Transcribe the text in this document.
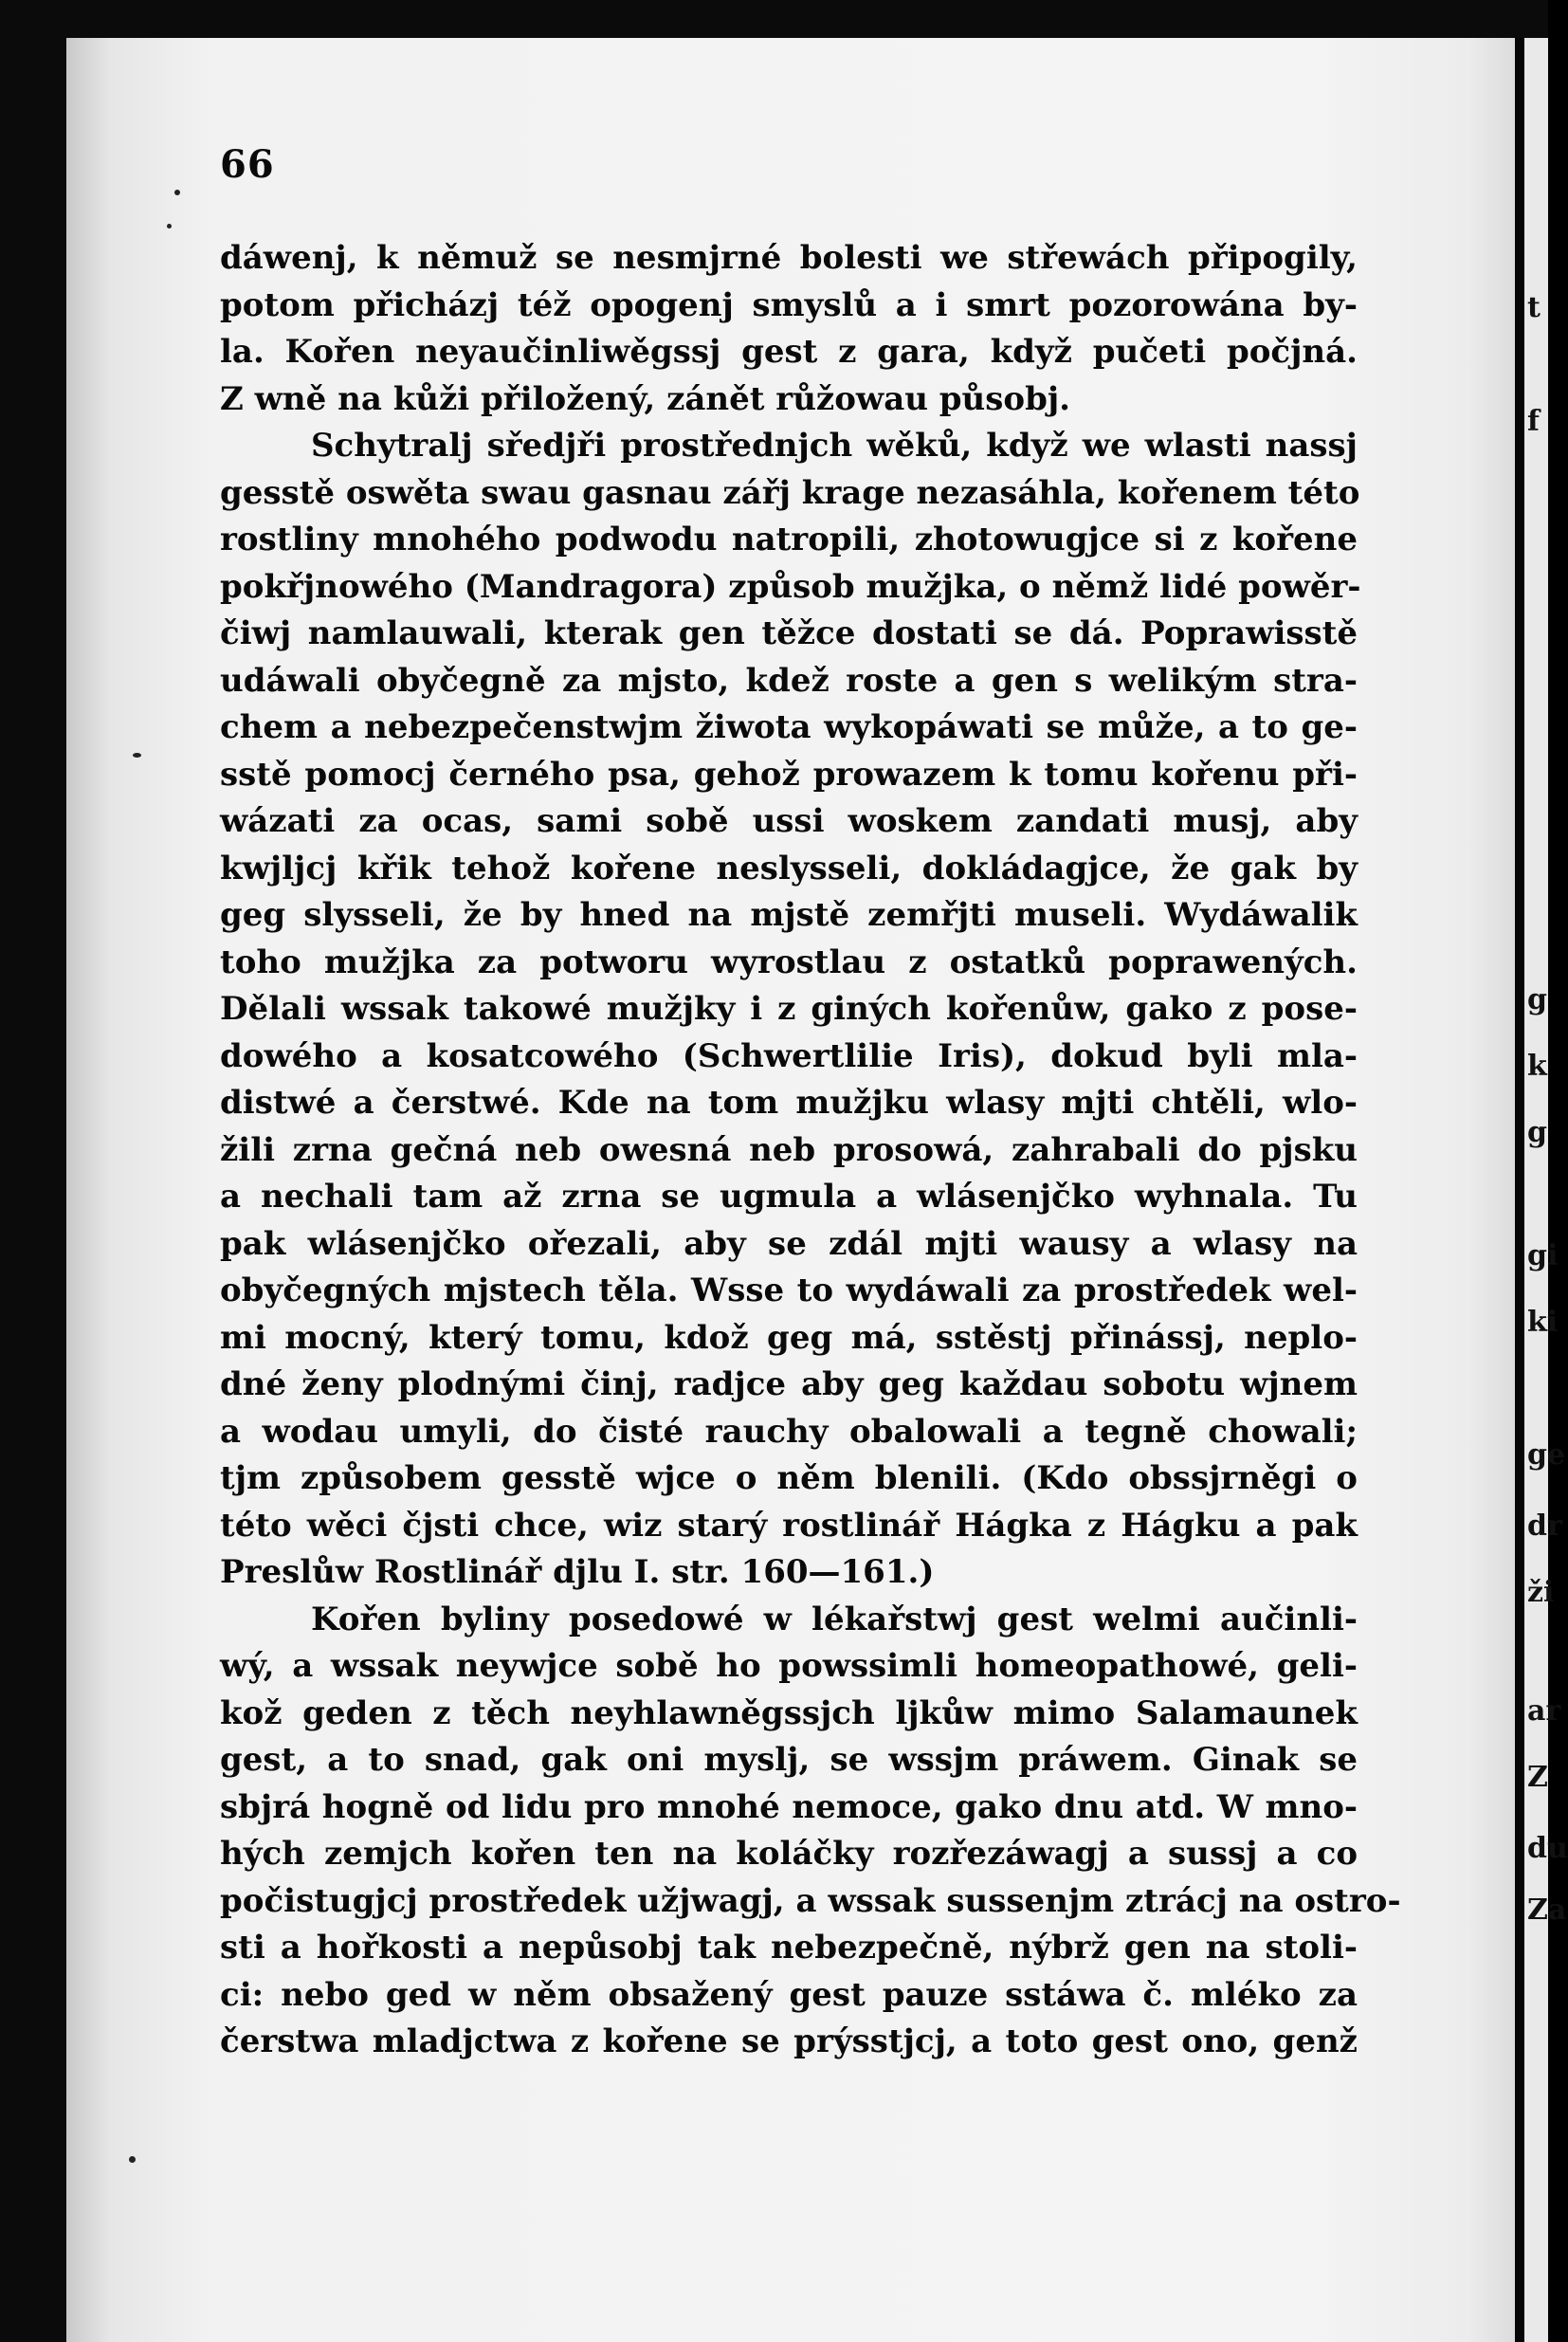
t
f
g
k
g
gi
ki
ge
dr
ži
ar
Z
du
Za
66
dáwenj, k němuž se nesmjrné bolesti we střewách připogily,
potom přicházj též opogenj smyslů a i smrt pozorowána by-
la. Kořen neyaučinliwěgssj gest z gara, když pučeti počjná.
Z wně na kůži přiložený, zánět růžowau působj.
Schytralj sředjři prostřednjch wěků, když we wlasti nassj
gesstě oswěta swau gasnau zářj krage nezasáhla, kořenem této
rostliny mnohého podwodu natropili, zhotowugjce si z kořene
pokřjnowého (Mandragora) způsob mužjka, o němž lidé powěr-
čiwj namlauwali, kterak gen těžce dostati se dá. Poprawisstě
udáwali obyčegně za mjsto, kdež roste a gen s welikým stra-
chem a nebezpečenstwjm žiwota wykopáwati se může, a to ge-
sstě pomocj černého psa, gehož prowazem k tomu kořenu při-
wázati za ocas, sami sobě ussi woskem zandati musj, aby
kwjljcj křik tehož kořene neslysseli, dokládagjce, že gak by
geg slysseli, že by hned na mjstě zemřjti museli. Wydáwalik
toho mužjka za potworu wyrostlau z ostatků poprawených.
Dělali wssak takowé mužjky i z giných kořenůw, gako z pose-
dowého a kosatcowého (Schwertlilie Iris), dokud byli mla-
distwé a čerstwé. Kde na tom mužjku wlasy mjti chtěli, wlo-
žili zrna gečná neb owesná neb prosowá, zahrabali do pjsku
a nechali tam až zrna se ugmula a wlásenjčko wyhnala. Tu
pak wlásenjčko ořezali, aby se zdál mjti wausy a wlasy na
obyčegných mjstech těla. Wsse to wydáwali za prostředek wel-
mi mocný, který tomu, kdož geg má, sstěstj přinássj, neplo-
dné ženy plodnými činj, radjce aby geg každau sobotu wjnem
a wodau umyli, do čisté rauchy obalowali a tegně chowali;
tjm způsobem gesstě wjce o něm blenili. (Kdo obssjrněgi o
této wěci čjsti chce, wiz starý rostlinář Hágka z Hágku a pak
Preslůw Rostlinář djlu I. str. 160—161.)
Kořen byliny posedowé w lékařstwj gest welmi aučinli-
wý, a wssak neywjce sobě ho powssimli homeopathowé, geli-
kož geden z těch neyhlawněgssjch ljkůw mimo Salamaunek
gest, a to snad, gak oni myslj, se wssjm práwem. Ginak se
sbjrá hogně od lidu pro mnohé nemoce, gako dnu atd. W mno-
hých zemjch kořen ten na koláčky rozřezáwagj a sussj a co
počistugjcj prostředek užjwagj, a wssak sussenjm ztrácj na ostro-
sti a hořkosti a nepůsobj tak nebezpečně, nýbrž gen na stoli-
ci: nebo ged w něm obsažený gest pauze sstáwa č. mléko za
čerstwa mladjctwa z kořene se prýsstjcj, a toto gest ono, genž
